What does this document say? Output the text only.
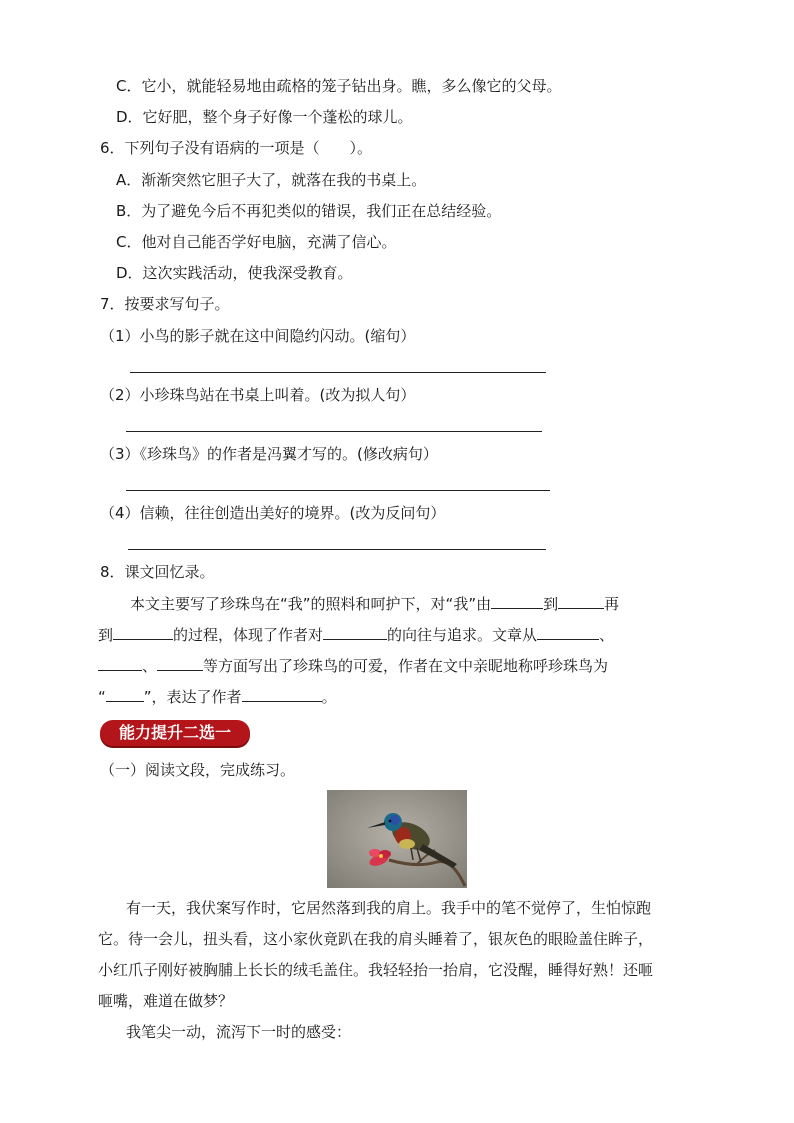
C．它小，就能轻易地由疏格的笼子钻出身。瞧，多么像它的父母。
D．它好肥，整个身子好像一个蓬松的球儿。
6．下列句子没有语病的一项是（　　）。
A．渐渐突然它胆子大了，就落在我的书桌上。
B．为了避免今后不再犯类似的错误，我们正在总结经验。
C．他对自己能否学好电脑，充满了信心。
D．这次实践活动，使我深受教育。
7．按要求写句子。
（1）小鸟的影子就在这中间隐约闪动。(缩句）
（2）小珍珠鸟站在书桌上叫着。(改为拟人句）
（3）《珍珠鸟》的作者是冯翼才写的。(修改病句）
（4）信赖，往往创造出美好的境界。(改为反问句）
8．课文回忆录。
本文主要写了珍珠鸟在“我”的照料和呵护下，对“我”由	到	再
到	的过程，体现了作者对	的向往与追求。文章从	、
、	等方面写出了珍珠鸟的可爱，作者在文中亲昵地称呼珍珠鸟为
“	”，表达了作者	。
能力提升二选一
（一）阅读文段，完成练习。
有一天，我伏案写作时，它居然落到我的肩上。我手中的笔不觉停了，生怕惊跑
它。待一会儿，扭头看，这小家伙竟趴在我的肩头睡着了，银灰色的眼睑盖住眸子，
小红爪子刚好被胸脯上长长的绒毛盖住。我轻轻抬一抬肩，它没醒，睡得好熟！还咂
咂嘴，难道在做梦？
我笔尖一动，流泻下一时的感受：
